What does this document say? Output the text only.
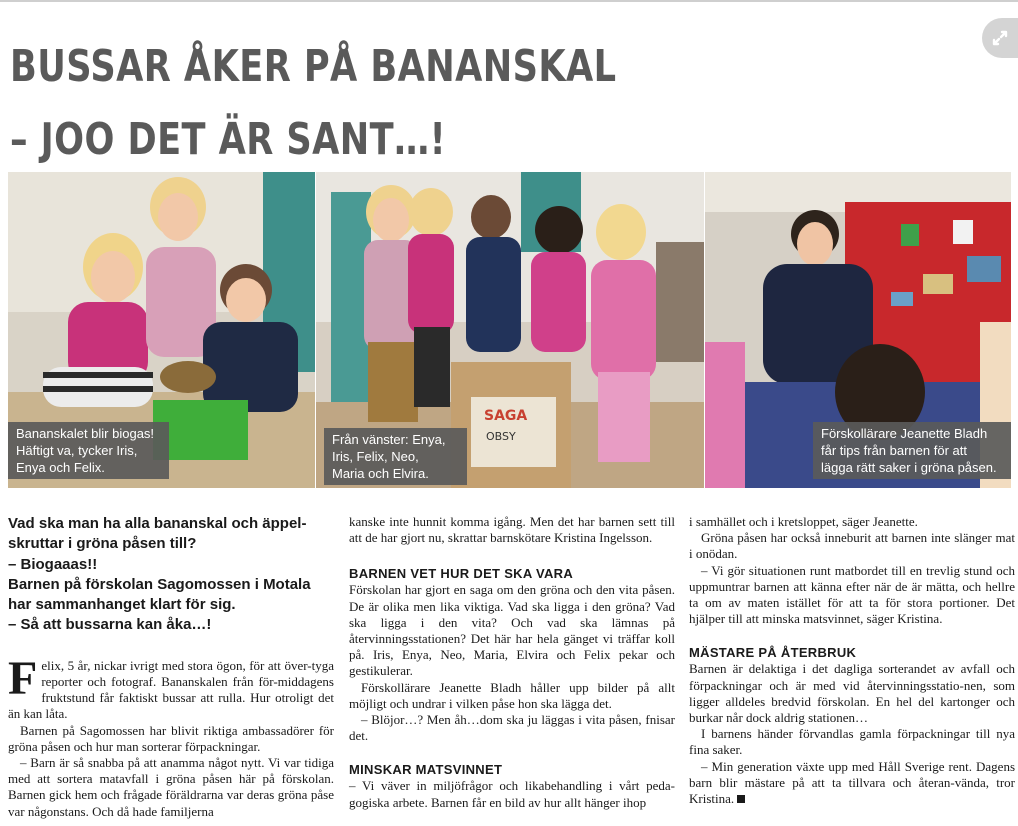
BUSSAR ÅKER PÅ BANANSKAL
– JOO DET ÄR SANT…!
Bananskalet blir biogas!
Häftigt va, tycker Iris,
Enya och Felix.
SAGA
OBSY
Från vänster: Enya,
Iris, Felix, Neo,
Maria och Elvira.
Förskollärare Jeanette Bladh
får tips från barnen för att
lägga rätt saker i gröna påsen.
Vad ska man ha alla bananskal och äppel-
skruttar i gröna påsen till?
– Biogaaas!!
Barnen på förskolan Sagomossen i Motala
har sammanhanget klart för sig.
– Så att bussarna kan åka…!

Felix, 5 år, nickar ivrigt med stora ögon, för att över-tyga reporter och fotograf. Bananskalen från för-middagens fruktstund får faktiskt bussar att rulla. Hur otroligt det än kan låta.

Barnen på Sagomossen har blivit riktiga ambassadörer för gröna påsen och hur man sorterar förpackningar.

– Barn är så snabba på att anamma något nytt. Vi var tidiga med att sortera matavfall i gröna påsen här på förskolan. Barnen gick hem och frågade föräldrarna var deras gröna påse var någonstans. Och då hade familjerna

kanske inte hunnit komma igång. Men det har barnen sett till att de har gjort nu, skrattar barnskötare Kristina Ingelsson.

BARNEN VET HUR DET SKA VARA

Förskolan har gjort en saga om den gröna och den vita påsen. De är olika men lika viktiga. Vad ska ligga i den gröna? Vad ska ligga i den vita? Och vad ska lämnas på återvinningsstationen? Det här har hela gänget vi träffar koll på. Iris, Enya, Neo, Maria, Elvira och Felix pekar och gestikulerar.

Förskollärare Jeanette Bladh håller upp bilder på allt möjligt och undrar i vilken påse hon ska lägga det.

– Blöjor…? Men åh…dom ska ju läggas i vita påsen, fnisar det.

MINSKAR MATSVINNET

– Vi väver in miljöfrågor och likabehandling i vårt peda-gogiska arbete. Barnen får en bild av hur allt hänger ihop

i samhället och i kretsloppet, säger Jeanette.

Gröna påsen har också inneburit att barnen inte slänger mat i onödan.

– Vi gör situationen runt matbordet till en trevlig stund och uppmuntrar barnen att känna efter när de är mätta, och hellre ta om av maten istället för att ta för stora portioner. Det hjälper till att minska matsvinnet, säger Kristina.

MÄSTARE PÅ ÅTERBRUK

Barnen är delaktiga i det dagliga sorterandet av avfall och förpackningar och är med vid återvinningsstatio-nen, som ligger alldeles bredvid förskolan. En hel del kartonger och burkar når dock aldrig stationen…

I barnens händer förvandlas gamla förpackningar till nya fina saker.

– Min generation växte upp med Håll Sverige rent. Dagens barn blir mästare på att ta tillvara och återan-vända, tror Kristina.
